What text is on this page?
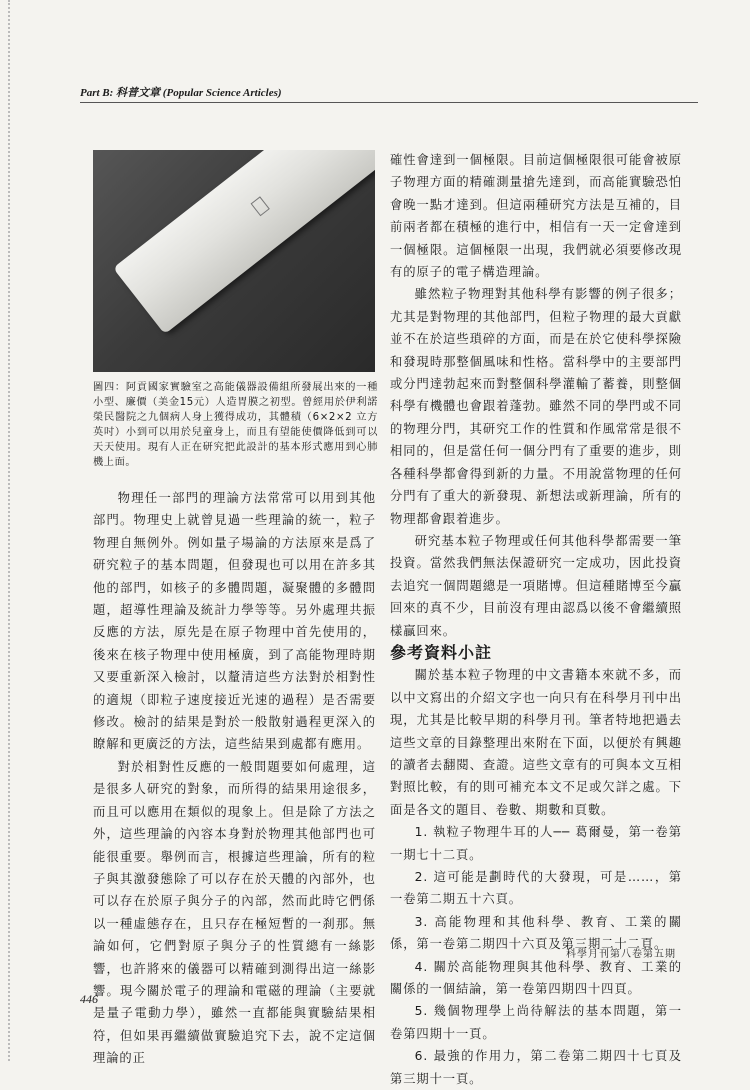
Part B: 科普文章 (Popular Science Articles)
圖四：阿貢國家實驗室之高能儀器設備組所發展出來的一種小型、廉價（美金15元）人造胃膜之初型。曾經用於伊利諾榮民醫院之九個病人身上獲得成功，其體積（6×2×2 立方英吋）小到可以用於兒童身上，而且有望能使價降低到可以天天使用。現有人正在研究把此設計的基本形式應用到心肺機上面。

物理任一部門的理論方法常常可以用到其他部門。物理史上就曾見過一些理論的統一，粒子物理自無例外。例如量子場論的方法原來是爲了研究粒子的基本問題，但發現也可以用在許多其他的部門，如核子的多體問題，凝聚體的多體問題，超導性理論及統計力學等等。另外處理共振反應的方法，原先是在原子物理中首先使用的，後來在核子物理中使用極廣，到了高能物理時期又要重新深入檢討，以釐清這些方法對於相對性的適規（即粒子速度接近光速的過程）是否需要修改。檢討的結果是對於一般散射過程更深入的瞭解和更廣泛的方法，這些結果到處都有應用。

對於相對性反應的一般問題要如何處理，這是很多人研究的對象，而所得的結果用途很多，而且可以應用在類似的現象上。但是除了方法之外，這些理論的內容本身對於物理其他部門也可能很重要。舉例而言，根據這些理論，所有的粒子與其激發態除了可以存在於天體的內部外，也可以存在於原子與分子的內部，然而此時它們係以一種虛態存在，且只存在極短暫的一刹那。無論如何，它們對原子與分子的性質總有一絲影響，也許將來的儀器可以精確到測得出這一絲影響。現今關於電子的理論和電磁的理論（主要就是量子電動力學），雖然一直都能與實驗結果相符，但如果再繼續做實驗追究下去，說不定這個理論的正

確性會達到一個極限。目前這個極限很可能會被原子物理方面的精確測量搶先達到，而高能實驗恐怕會晚一點才達到。但這兩種研究方法是互補的，目前兩者都在積極的進行中，相信有一天一定會達到一個極限。這個極限一出現，我們就必須要修改現有的原子的電子構造理論。

雖然粒子物理對其他科學有影響的例子很多；尤其是對物理的其他部門，但粒子物理的最大貢獻並不在於這些瑣碎的方面，而是在於它使科學探險和發現時那整個風味和性格。當科學中的主要部門或分門達勃起來而對整個科學灌輸了蓄養，則整個科學有機體也會跟着蓬勃。雖然不同的學門或不同的物理分門，其研究工作的性質和作風常常是很不相同的，但是當任何一個分門有了重要的進步，則各種科學都會得到新的力量。不用說當物理的任何分門有了重大的新發現、新想法或新理論，所有的物理都會跟着進步。

研究基本粒子物理或任何其他科學都需要一筆投資。當然我們無法保證研究一定成功，因此投資去追究一個問題總是一項賭博。但這種賭博至今贏回來的真不少，目前沒有理由認爲以後不會繼續照樣贏回來。

參考資料小註

關於基本粒子物理的中文書籍本來就不多，而以中文寫出的介紹文字也一向只有在科學月刊中出現，尤其是比較早期的科學月刊。筆者特地把過去這些文章的目錄整理出來附在下面，以便於有興趣的讀者去翻閱、查證。這些文章有的可與本文互相對照比較，有的則可補充本文不足或欠詳之處。下面是各文的題目、卷數、期數和頁數。

1. 執粒子物理牛耳的人── 葛爾曼，第一卷第一期七十二頁。

2. 這可能是劃時代的大發現，可是……，第一卷第二期五十六頁。

3. 高能物理和其他科學、教育、工業的關係，第一卷第二期四十六頁及第三期二十二頁。

4. 關於高能物理與其他科學、教育、工業的關係的一個結論，第一卷第四期四十四頁。

5. 幾個物理學上尚待解法的基本問題，第一卷第四期十一頁。

6. 最強的作用力，第二卷第二期四十七頁及第三期十一頁。

科學月刊第八卷第五期
446
